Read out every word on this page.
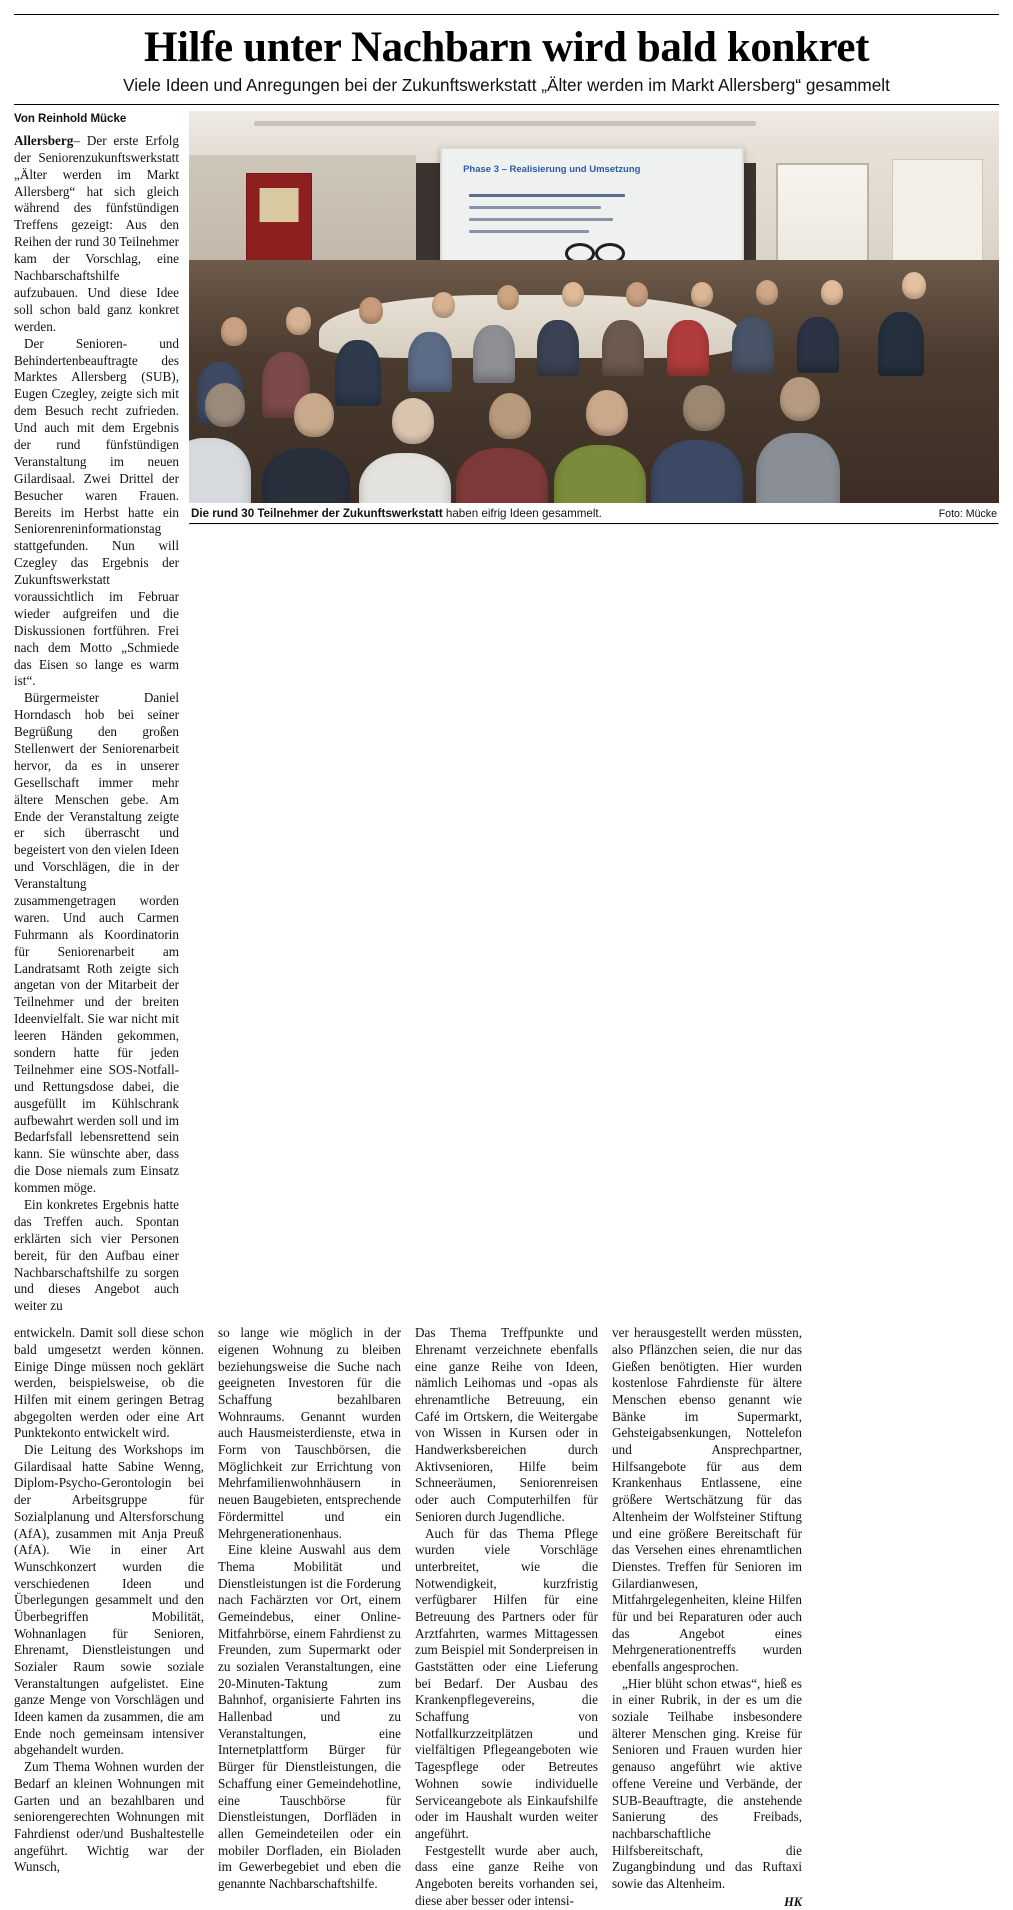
Hilfe unter Nachbarn wird bald konkret
Viele Ideen und Anregungen bei der Zukunftswerkstatt „Älter werden im Markt Allersberg“ gesammelt
Von Reinhold Mücke

Allersberg– Der erste Erfolg der Seniorenzukunftswerkstatt „Älter werden im Markt Allersberg“ hat sich gleich während des fünfstündigen Treffens gezeigt: Aus den Reihen der rund 30 Teilnehmer kam der Vorschlag, eine Nachbarschaftshilfe aufzubauen. Und diese Idee soll schon bald ganz konkret werden.

Der Senioren- und Behindertenbeauftragte des Marktes Allersberg (SUB), Eugen Czegley, zeigte sich mit dem Besuch recht zufrieden. Und auch mit dem Ergebnis der rund fünfstündigen Veranstaltung im neuen Gilardisaal. Zwei Drittel der Besucher waren Frauen. Bereits im Herbst hatte ein Seniorenreninformationstag stattgefunden. Nun will Czegley das Ergebnis der Zukunftswerkstatt voraussichtlich im Februar wieder aufgreifen und die Diskussionen fortführen. Frei nach dem Motto „Schmiede das Eisen so lange es warm ist“.

Bürgermeister Daniel Horndasch hob bei seiner Begrüßung den großen Stellenwert der Seniorenarbeit hervor, da es in unserer Gesellschaft immer mehr ältere Menschen gebe. Am Ende der Veranstaltung zeigte er sich überrascht und begeistert von den vielen Ideen und Vorschlägen, die in der Veranstaltung zusammengetragen worden waren. Und auch Carmen Fuhrmann als Koordinatorin für Seniorenarbeit am Landratsamt Roth zeigte sich angetan von der Mitarbeit der Teilnehmer und der breiten Ideenvielfalt. Sie war nicht mit leeren Händen gekommen, sondern hatte für jeden Teilnehmer eine SOS-Notfall- und Rettungsdose dabei, die ausgefüllt im Kühlschrank aufbewahrt werden soll und im Bedarfsfall lebensrettend sein kann. Sie wünschte aber, dass die Dose niemals zum Einsatz kommen möge.

Ein konkretes Ergebnis hatte das Treffen auch. Spontan erklärten sich vier Personen bereit, für den Aufbau einer Nachbarschaftshilfe zu sorgen und dieses Angebot auch weiter zu

Phase 3 – Realisierung und Umsetzung
Die rund 30 Teilnehmer der Zukunftswerkstatt haben eifrig Ideen gesammelt.	Foto: Mücke

entwickeln. Damit soll diese schon bald umgesetzt werden können. Einige Dinge müssen noch geklärt werden, beispielsweise, ob die Hilfen mit einem geringen Betrag abgegolten werden oder eine Art Punktekonto entwickelt wird.

Die Leitung des Workshops im Gilardisaal hatte Sabine Wenng, Diplom-Psycho-Gerontologin bei der Arbeitsgruppe für Sozialplanung und Altersforschung (AfA), zusammen mit Anja Preuß (AfA). Wie in einer Art Wunschkonzert wurden die verschiedenen Ideen und Überlegungen gesammelt und den Überbegriffen Mobilität, Wohnanlagen für Senioren, Ehrenamt, Dienstleistungen und Sozialer Raum sowie soziale Veranstaltungen aufgelistet. Eine ganze Menge von Vorschlägen und Ideen kamen da zusammen, die am Ende noch gemeinsam intensiver abgehandelt wurden.

Zum Thema Wohnen wurden der Bedarf an kleinen Wohnungen mit Garten und an bezahlbaren und seniorengerechten Wohnungen mit Fahrdienst oder/und Bushaltestelle angeführt. Wichtig war der Wunsch,

so lange wie möglich in der eigenen Wohnung zu bleiben beziehungsweise die Suche nach geeigneten Investoren für die Schaffung bezahlbaren Wohnraums. Genannt wurden auch Hausmeisterdienste, etwa in Form von Tauschbörsen, die Möglichkeit zur Errichtung von Mehrfamilienwohnhäusern in neuen Baugebieten, entsprechende Fördermittel und ein Mehrgenerationenhaus.

Eine kleine Auswahl aus dem Thema Mobilität und Dienstleistungen ist die Forderung nach Fachärzten vor Ort, einem Gemeindebus, einer Online-Mitfahrbörse, einem Fahrdienst zu Freunden, zum Supermarkt oder zu sozialen Veranstaltungen, eine 20-Minuten-Taktung zum Bahnhof, organisierte Fahrten ins Hallenbad und zu Veranstaltungen, eine Internetplattform Bürger für Bürger für Dienstleistungen, die Schaffung einer Gemeindehotline, eine Tauschbörse für Dienstleistungen, Dorfläden in allen Gemeindeteilen oder ein mobiler Dorfladen, ein Bioladen im Gewerbegebiet und eben die genannte Nachbarschaftshilfe.

Das Thema Treffpunkte und Ehrenamt verzeichnete ebenfalls eine ganze Reihe von Ideen, nämlich Leihomas und -opas als ehrenamtliche Betreuung, ein Café im Ortskern, die Weitergabe von Wissen in Kursen oder in Handwerksbereichen durch Aktivsenioren, Hilfe beim Schneeräumen, Seniorenreisen oder auch Computerhilfen für Senioren durch Jugendliche.

Auch für das Thema Pflege wurden viele Vorschläge unterbreitet, wie die Notwendigkeit, kurzfristig verfügbarer Hilfen für eine Betreuung des Partners oder für Arztfahrten, warmes Mittagessen zum Beispiel mit Sonderpreisen in Gaststätten oder eine Lieferung bei Bedarf. Der Ausbau des Krankenpflegevereins, die Schaffung von Notfallkurzzeitplätzen und vielfältigen Pflegeangeboten wie Tagespflege oder Betreutes Wohnen sowie individuelle Serviceangebote als Einkaufshilfe oder im Haushalt wurden weiter angeführt.

Festgestellt wurde aber auch, dass eine ganze Reihe von Angeboten bereits vorhanden sei, diese aber besser oder intensi-

ver herausgestellt werden müssten, also Pflänzchen seien, die nur das Gießen benötigten. Hier wurden kostenlose Fahrdienste für ältere Menschen ebenso genannt wie Bänke im Supermarkt, Gehsteigabsenkungen, Nottelefon und Ansprechpartner, Hilfsangebote für aus dem Krankenhaus Entlassene, eine größere Wertschätzung für das Altenheim der Wolfsteiner Stiftung und eine größere Bereitschaft für das Versehen eines ehrenamtlichen Dienstes. Treffen für Senioren im Gilardianwesen, Mitfahrgelegenheiten, kleine Hilfen für und bei Reparaturen oder auch das Angebot eines Mehrgenerationentreffs wurden ebenfalls angesprochen.

„Hier blüht schon etwas“, hieß es in einer Rubrik, in der es um die soziale Teilhabe insbesondere älterer Menschen ging. Kreise für Senioren und Frauen wurden hier genauso angeführt wie aktive offene Vereine und Verbände, der SUB-Beauftragte, die anstehende Sanierung des Freibads, nachbarschaftliche Hilfsbereitschaft, die Zugangbindung und das Ruftaxi sowie das Altenheim.

HK
